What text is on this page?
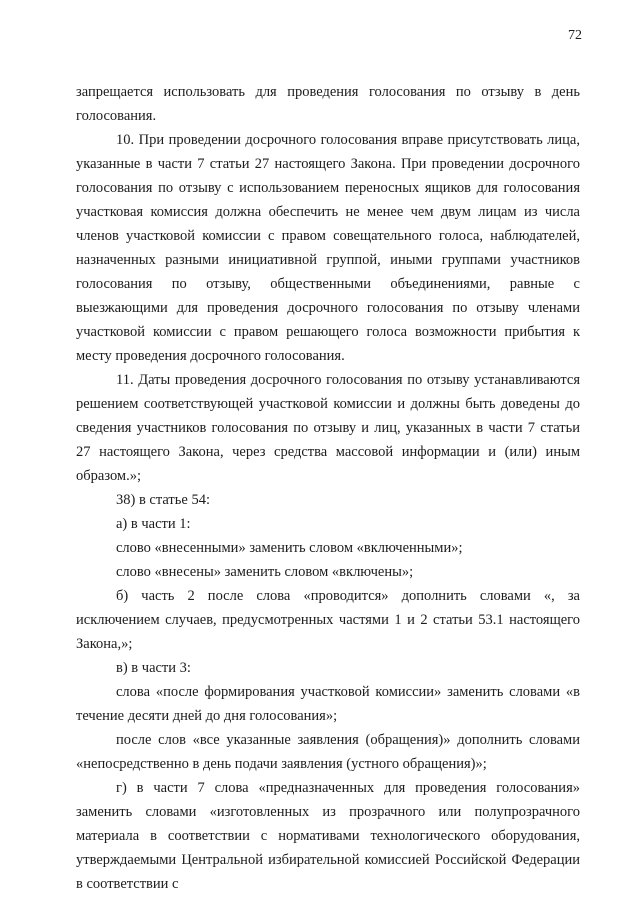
72

запрещается использовать для проведения голосования по отзыву в день голосования.

10. При проведении досрочного голосования вправе присутствовать лица, указанные в части 7 статьи 27 настоящего Закона. При проведении досрочного голосования по отзыву с использованием переносных ящиков для голосования участковая комиссия должна обеспечить не менее чем двум лицам из числа членов участковой комиссии с правом совещательного голоса, наблюдателей, назначенных разными инициативной группой, иными группами участников голосования по отзыву, общественными объединениями, равные с выезжающими для проведения досрочного голосования по отзыву членами участковой комиссии с правом решающего голоса возможности прибытия к месту проведения досрочного голосования.

11. Даты проведения досрочного голосования по отзыву устанавливаются решением соответствующей участковой комиссии и должны быть доведены до сведения участников голосования по отзыву и лиц, указанных в части 7 статьи 27 настоящего Закона, через средства массовой информации и (или) иным образом.»;

38) в статье 54:

а) в части 1:

слово «внесенными» заменить словом «включенными»;

слово «внесены» заменить словом «включены»;

б) часть 2 после слова «проводится» дополнить словами «, за исключением случаев, предусмотренных частями 1 и 2 статьи 53.1 настоящего Закона,»;

в) в части 3:

слова «после формирования участковой комиссии» заменить словами «в течение десяти дней до дня голосования»;

после слов «все указанные заявления (обращения)» дополнить словами «непосредственно в день подачи заявления (устного обращения)»;

г) в части 7 слова «предназначенных для проведения голосования» заменить словами «изготовленных из прозрачного или полупрозрачного материала в соответствии с нормативами технологического оборудования, утверждаемыми Центральной избирательной комиссией Российской Федерации в соответствии с
